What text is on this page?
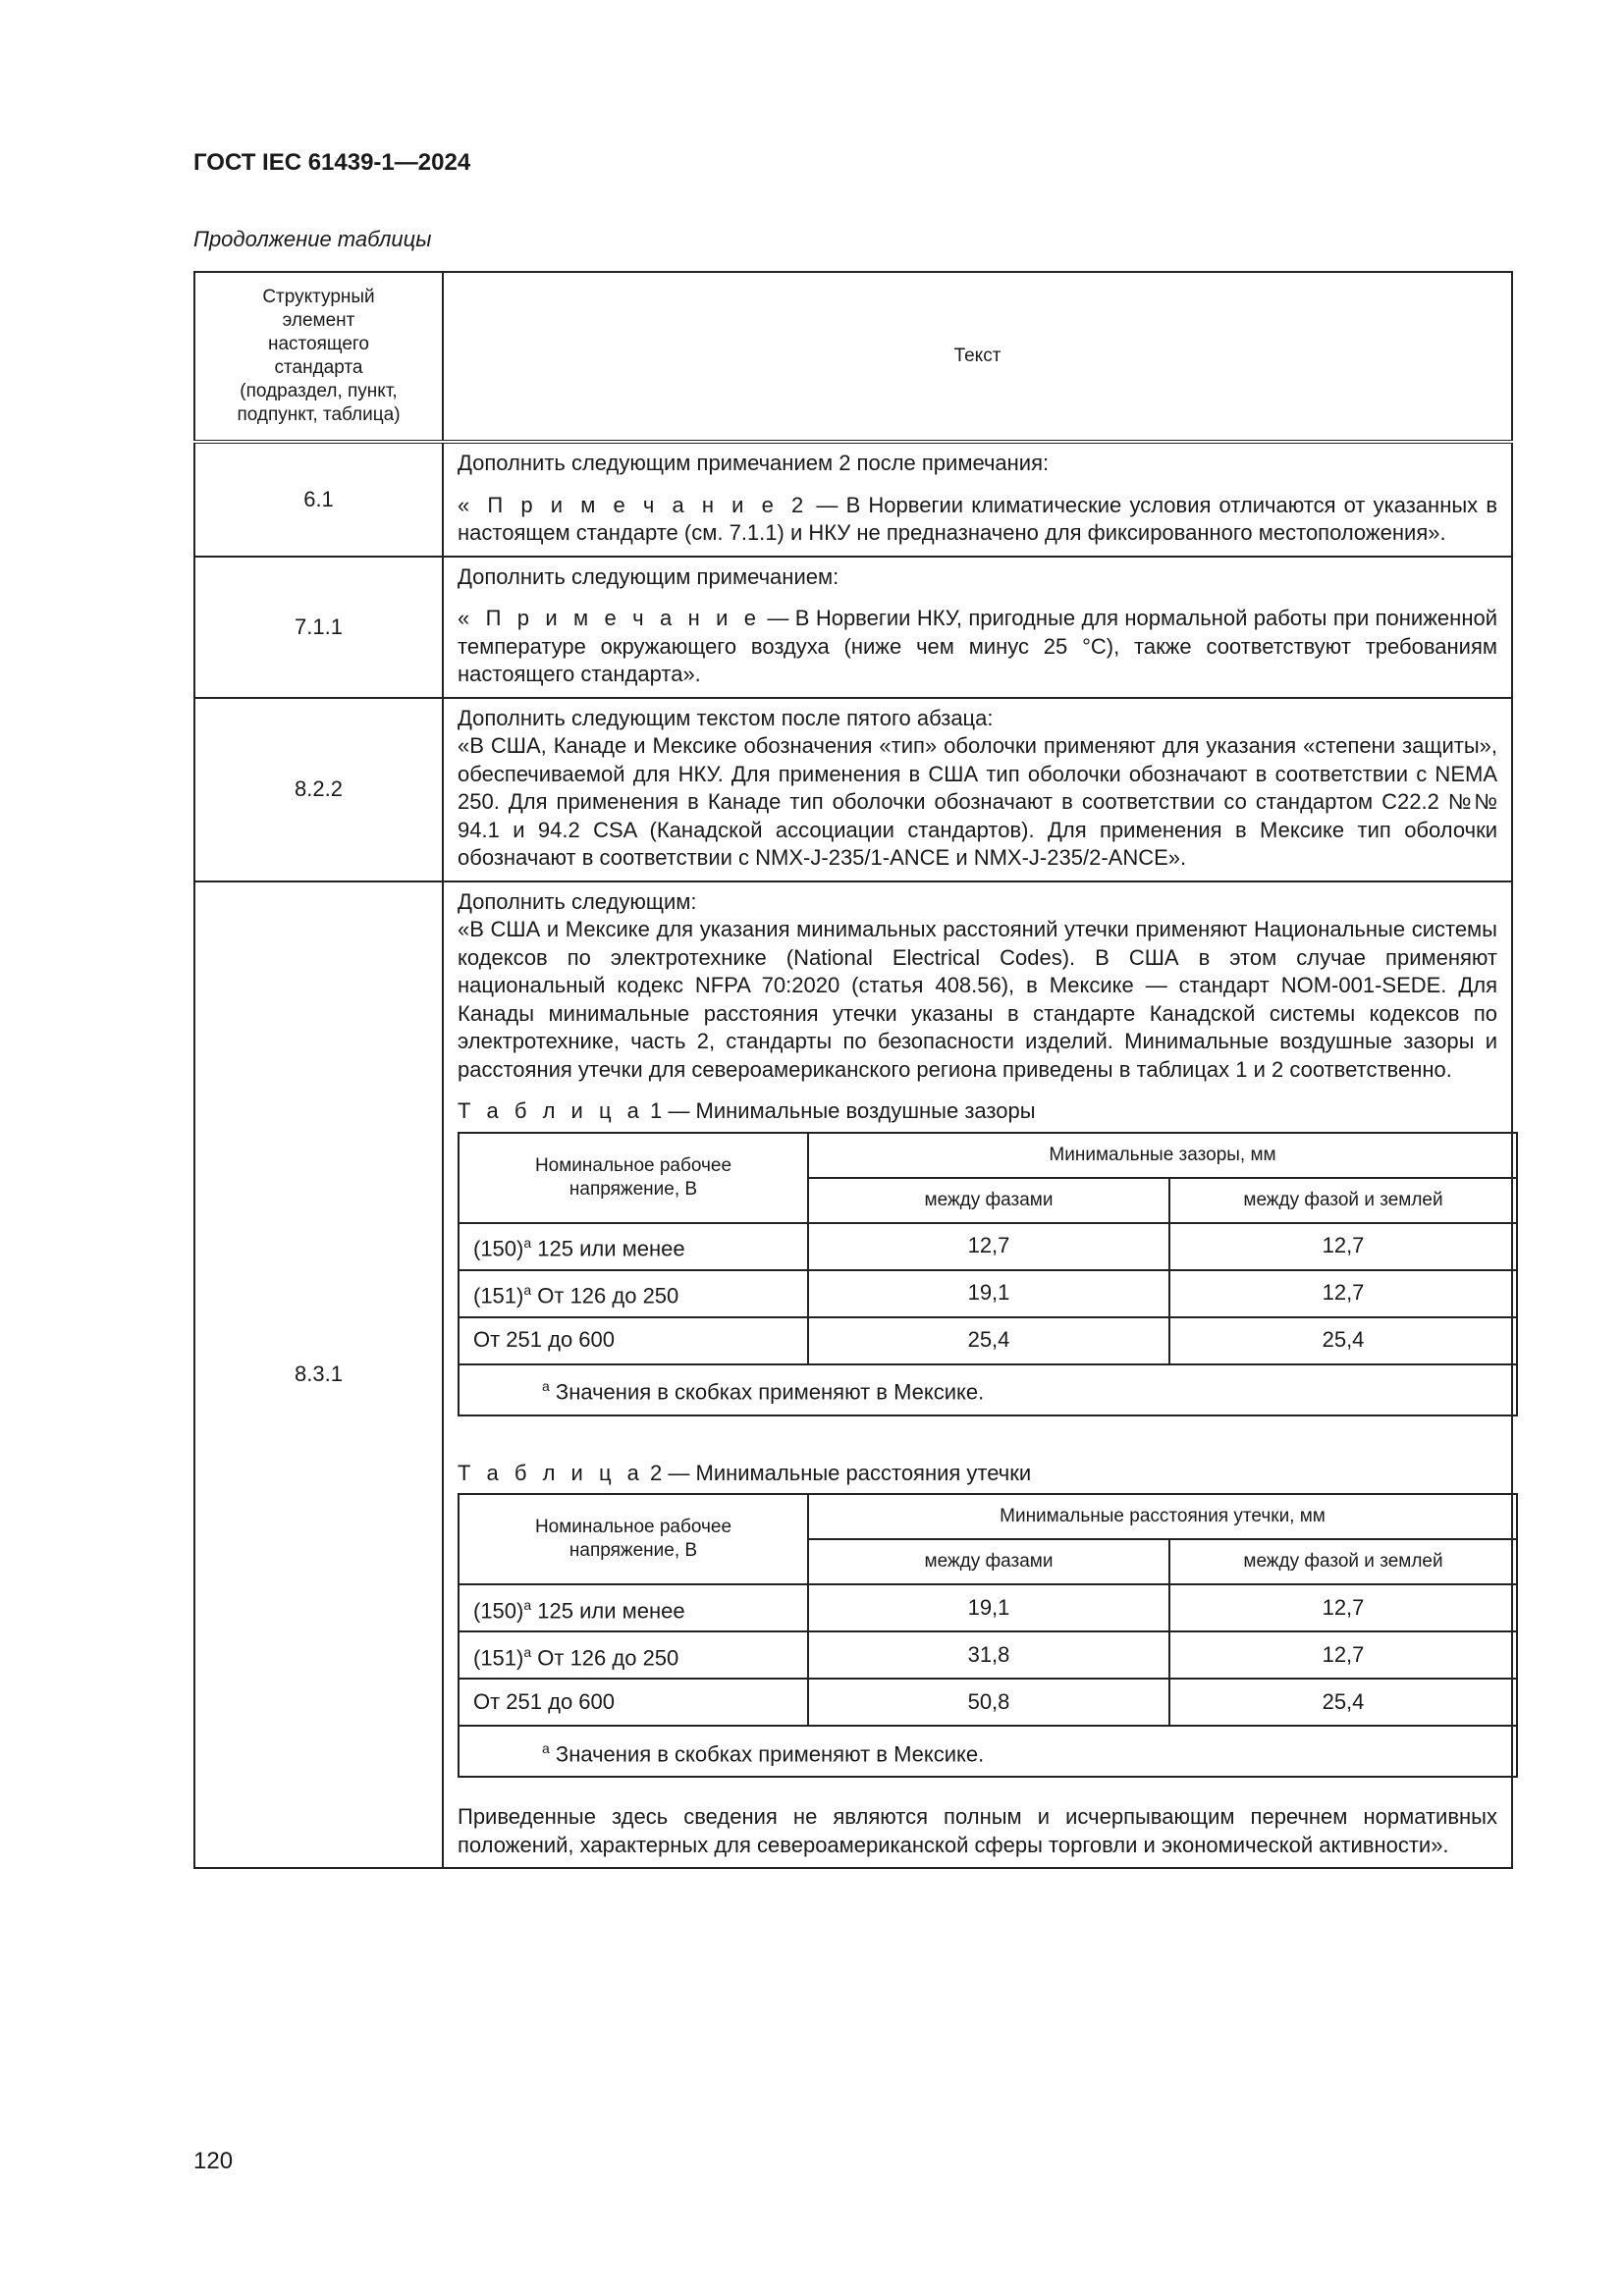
ГОСТ IEC 61439-1—2024
Продолжение таблицы
Структурный
элемент
настоящего
стандарта
(подраздел, пункт,
подпункт, таблица)	Текст
6.1	

Дополнить следующим примечанием 2 после примечания:

« П р и м е ч а н и е 2 — В Норвегии климатические условия отличаются от указанных в настоящем стандарте (см. 7.1.1) и НКУ не предназначено для фиксированного местоположения».

7.1.1	

Дополнить следующим примечанием:

« П р и м е ч а н и е — В Норвегии НКУ, пригодные для нормальной работы при пониженной температуре окружающего воздуха (ниже чем минус 25 °С), также соответствуют требованиям настоящего стандарта».

8.2.2	

Дополнить следующим текстом после пятого абзаца:

«В США, Канаде и Мексике обозначения «тип» оболочки применяют для указания «степени защиты», обеспечиваемой для НКУ. Для применения в США тип оболочки обозначают в соответствии с NEMA 250. Для применения в Канаде тип оболочки обозначают в соответствии со стандартом C22.2 №№ 94.1 и 94.2 CSA (Канадской ассоциации стандартов). Для применения в Мексике тип оболочки обозначают в соответствии с NMX-J-235/1-ANCE и NMX-J-235/2-ANCE».

8.3.1	

Дополнить следующим:

«В США и Мексике для указания минимальных расстояний утечки применяют Национальные системы кодексов по электротехнике (National Electrical Codes). В США в этом случае применяют национальный кодекс NFPA 70:2020 (статья 408.56), в Мексике — стандарт NOM-001-SEDE. Для Канады минимальные расстояния утечки указаны в стандарте Канадской системы кодексов по электротехнике, часть 2, стандарты по безопасности изделий. Минимальные воздушные зазоры и расстояния утечки для североамериканского региона приведены в таблицах 1 и 2 соответственно.

Т а б л и ц а 1 — Минимальные воздушные зазоры
Номинальное рабочее
напряжение, В	Минимальные зазоры, мм
между фазами	между фазой и землей
$(150)^а$ 125 или менее	12,7	12,7
$(151)^а$ От 126 до 250	19,1	12,7
От 251 до 600	25,4	25,4
$^а$ Значения в скобках применяют в Мексике.
Т а б л и ц а 2 — Минимальные расстояния утечки
Номинальное рабочее
напряжение, В	Минимальные расстояния утечки, мм
между фазами	между фазой и землей
$(150)^а$ 125 или менее	19,1	12,7
$(151)^а$ От 126 до 250	31,8	12,7
От 251 до 600	50,8	25,4
$^а$ Значения в скобках применяют в Мексике.

Приведенные здесь сведения не являются полным и исчерпывающим перечнем нормативных положений, характерных для североамериканской сферы торговли и экономической активности».

120
